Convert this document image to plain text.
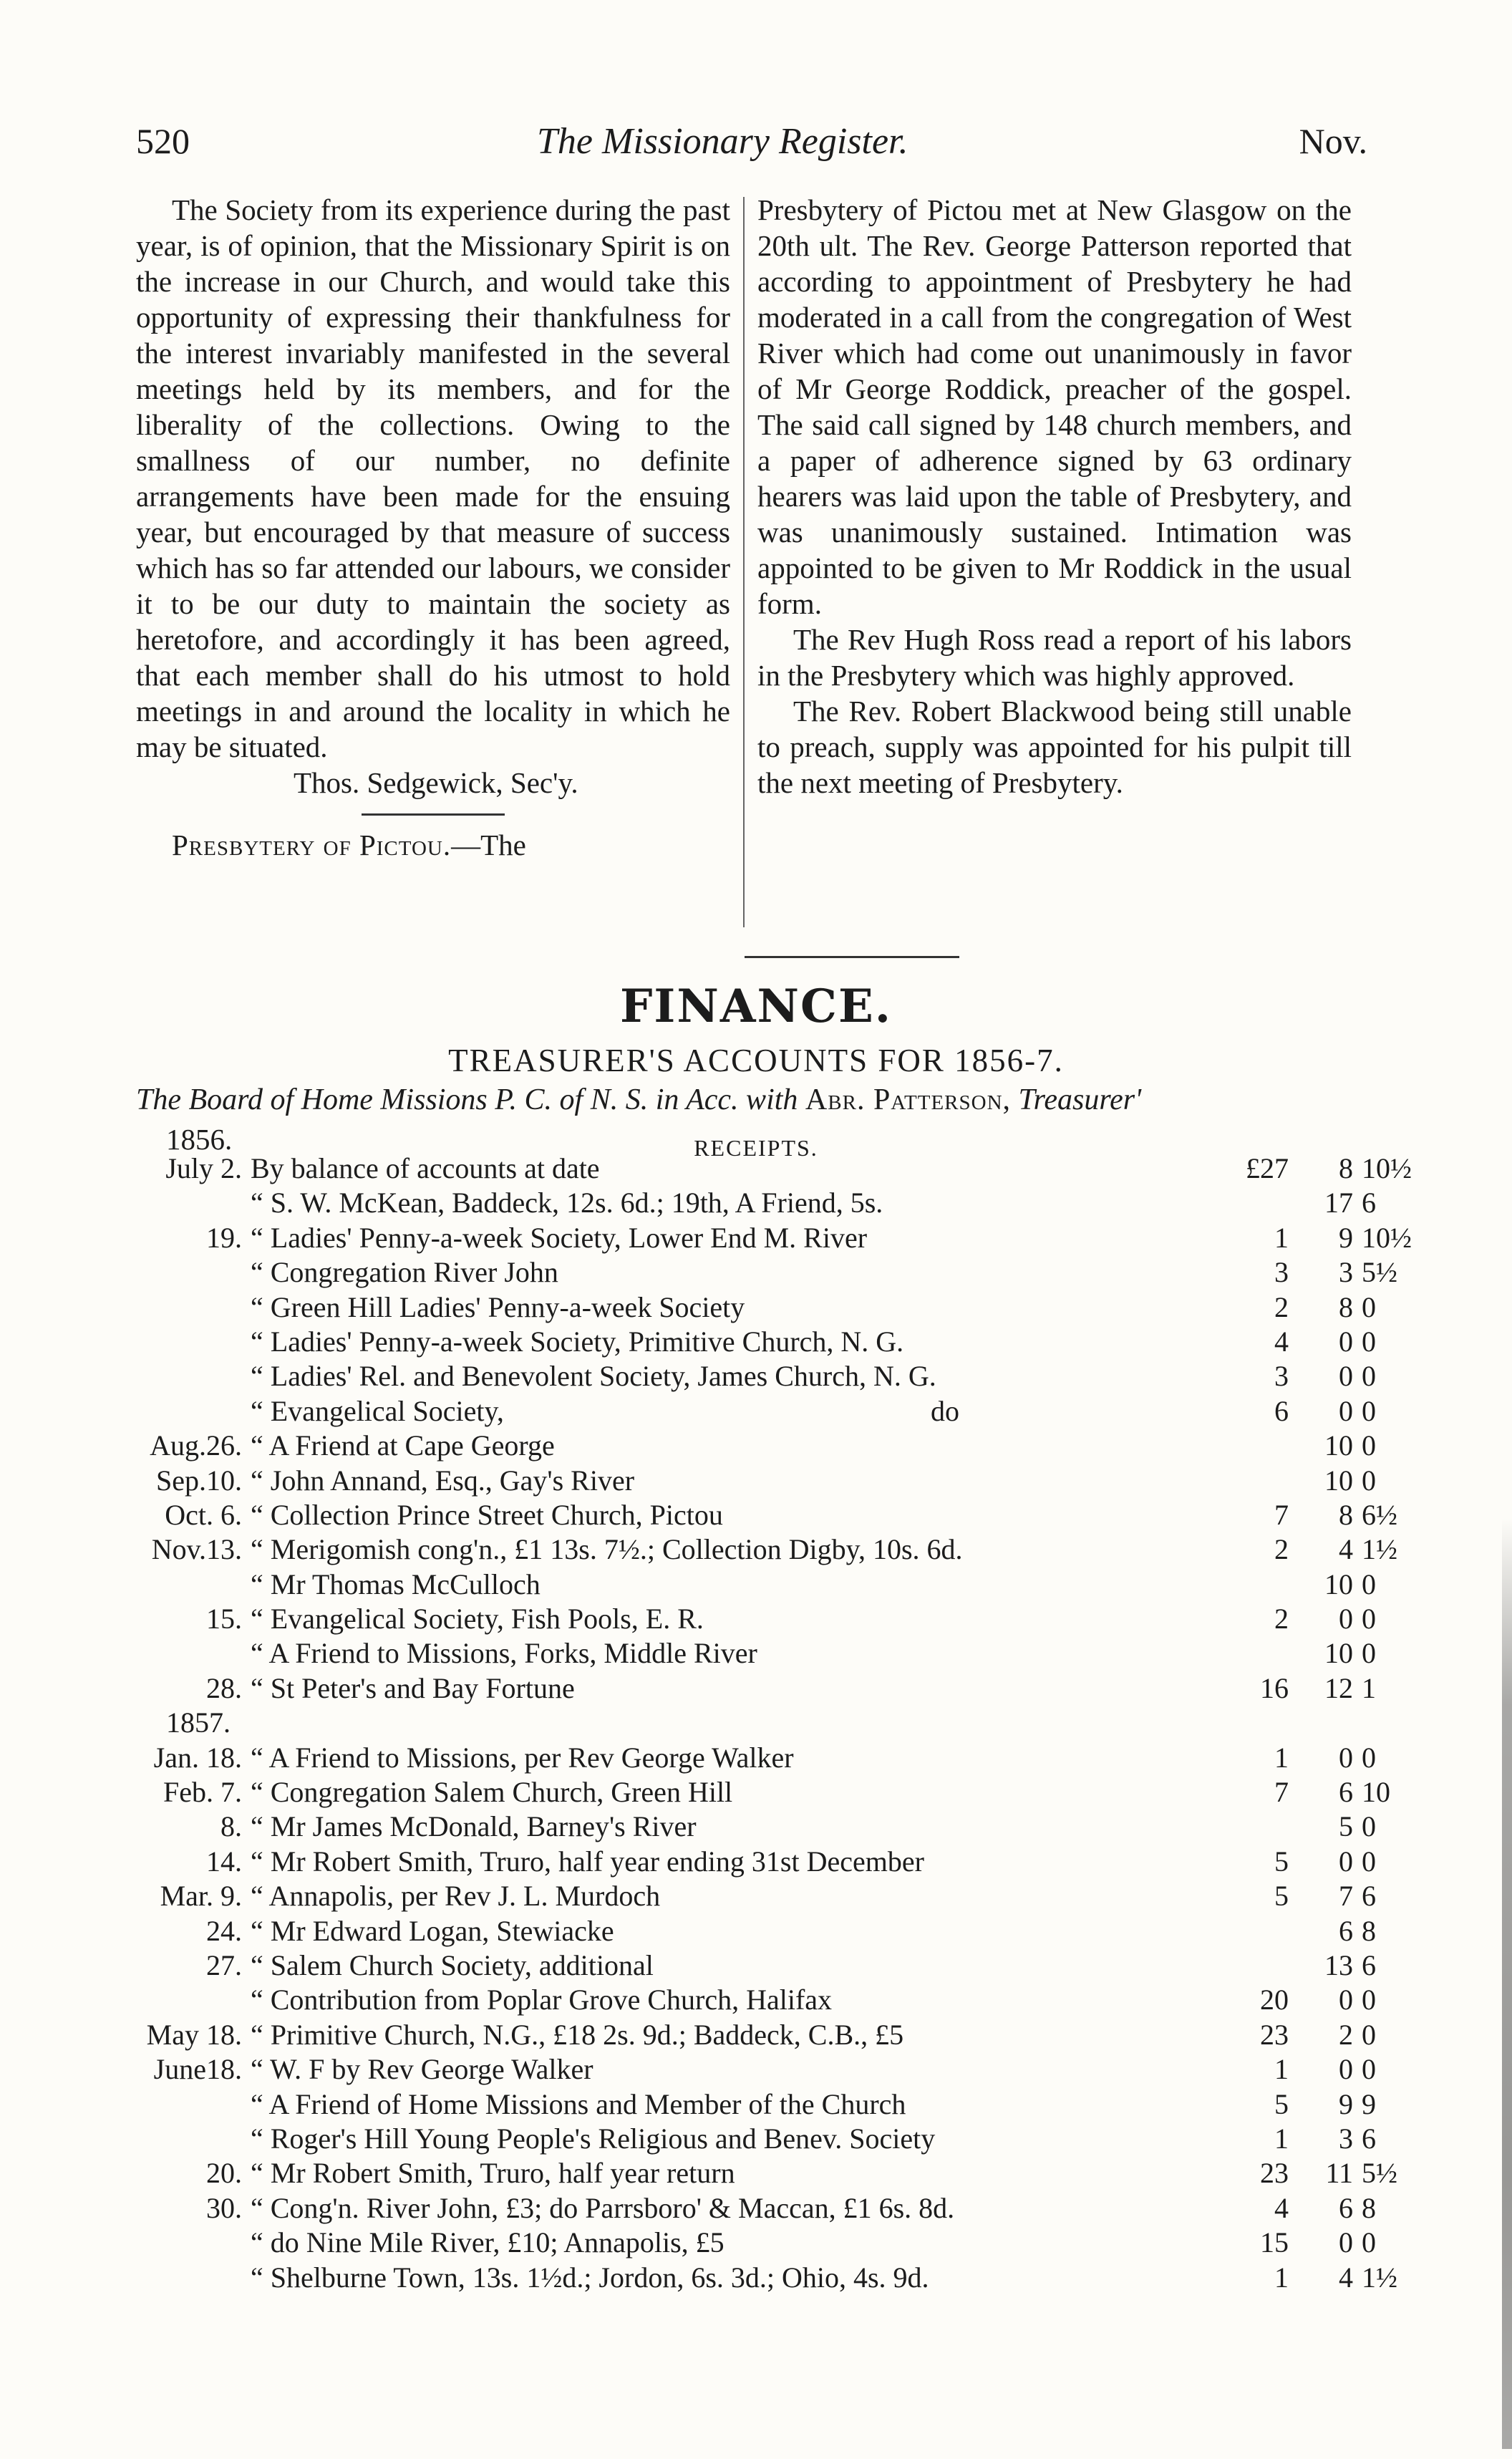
520	The Missionary Register.	Nov.

The Society from its experience during the past year, is of opinion, that the Missionary Spirit is on the increase in our Church, and would take this opportunity of expressing their thankfulness for the interest invariably manifested in the several meetings held by its members, and for the liberality of the collections. Owing to the smallness of our number, no definite arrangements have been made for the ensuing year, but encouraged by that measure of success which has so far attended our labours, we consider it to be our duty to maintain the society as heretofore, and accordingly it has been agreed, that each member shall do his utmost to hold meetings in and around the locality in which he may be situated.

Thos. Sedgewick, Sec'y.

Presbytery of Pictou.—The

Presbytery of Pictou met at New Glasgow on the 20th ult. The Rev. George Patterson reported that according to appointment of Presbytery he had moderated in a call from the congregation of West River which had come out unanimously in favor of Mr George Roddick, preacher of the gospel. The said call signed by 148 church members, and a paper of adherence signed by 63 ordinary hearers was laid upon the table of Presbytery, and was unanimously sustained. Intimation was appointed to be given to Mr Roddick in the usual form.

The Rev Hugh Ross read a report of his labors in the Presbytery which was highly approved.

The Rev. Robert Blackwood being still unable to preach, supply was appointed for his pulpit till the next meeting of Presbytery.

FINANCE.
TREASURER'S ACCOUNTS FOR 1856-7.
The Board of Home Missions P. C. of N. S. in Acc. with Abr. Patterson, Treasurer'
1856.	RECEIPTS.
July 2. By balance of accounts at date	£27	8 10½
“ S. W. McKean, Baddeck, 12s. 6d.; 19th, A Friend, 5s.	17 6
19. “ Ladies' Penny-a-week Society, Lower End M. River	1	9 10½
“ Congregation River John	3	3 5½
“ Green Hill Ladies' Penny-a-week Society	2	8 0
“ Ladies' Penny-a-week Society, Primitive Church, N. G.	4	0 0
“ Ladies' Rel. and Benevolent Society, James Church, N. G.	3	0 0
“ Evangelical Society,	do	6	0 0
Aug.26. “ A Friend at Cape George	10 0
Sep.10. “ John Annand, Esq., Gay's River	10 0
Oct. 6. “ Collection Prince Street Church, Pictou	7	8 6½
Nov.13. “ Merigomish cong'n., £1 13s. 7½.; Collection Digby, 10s. 6d.	2	4 1½
“ Mr Thomas McCulloch	10 0
15. “ Evangelical Society, Fish Pools, E. R.	2	0 0
“ A Friend to Missions, Forks, Middle River	10 0
28. “ St Peter's and Bay Fortune	16	12 1
1857.
Jan. 18. “ A Friend to Missions, per Rev George Walker	1	0 0
Feb. 7. “ Congregation Salem Church, Green Hill	7	6 10
8. “ Mr James McDonald, Barney's River	5 0
14. “ Mr Robert Smith, Truro, half year ending 31st December	5	0 0
Mar. 9. “ Annapolis, per Rev J. L. Murdoch	5	7 6
24. “ Mr Edward Logan, Stewiacke	6 8
27. “ Salem Church Society, additional	13 6
“ Contribution from Poplar Grove Church, Halifax	20	0 0
May 18. “ Primitive Church, N.G., £18 2s. 9d.; Baddeck, C.B., £5	23	2 0
June18. “ W. F by Rev George Walker	1	0 0
“ A Friend of Home Missions and Member of the Church	5	9 9
“ Roger's Hill Young People's Religious and Benev. Society	1	3 6
20. “ Mr Robert Smith, Truro, half year return	23	11 5½
30. “ Cong'n. River John, £3; do Parrsboro' & Maccan, £1 6s. 8d.	4	6 8
“ do Nine Mile River, £10; Annapolis, £5	15	0 0
“ Shelburne Town, 13s. 1½d.; Jordon, 6s. 3d.; Ohio, 4s. 9d.	1	4 1½
